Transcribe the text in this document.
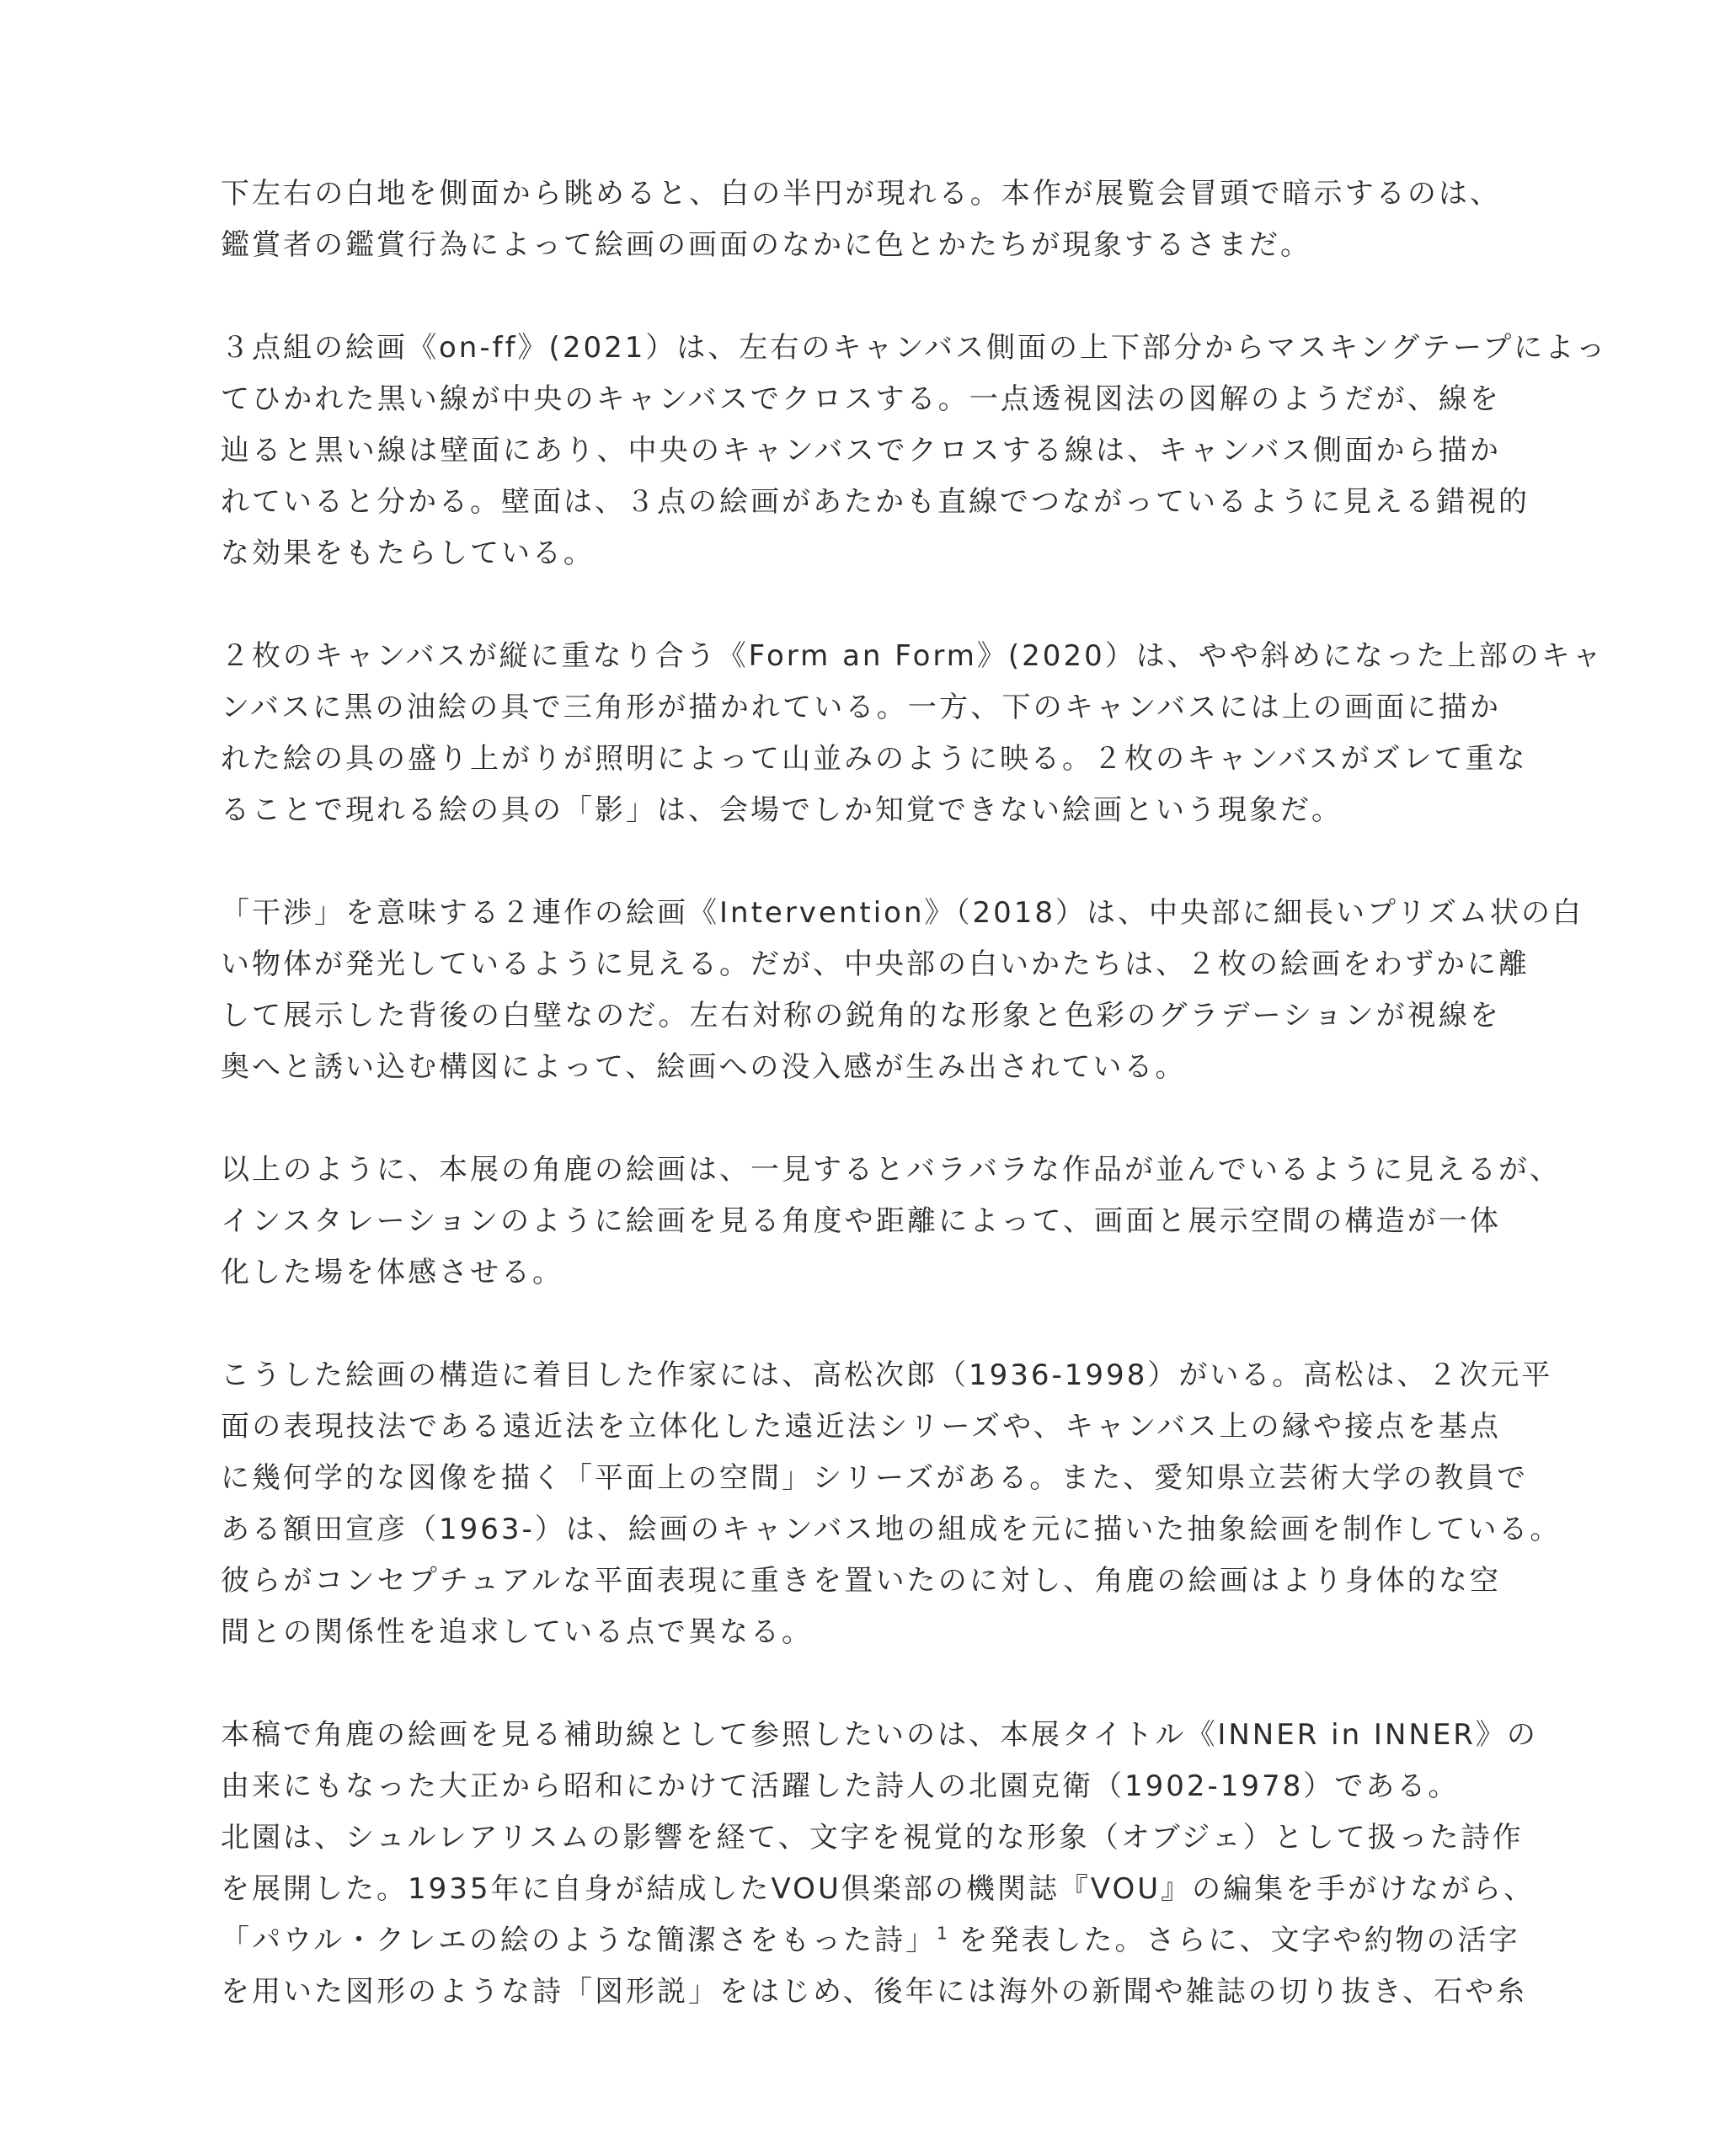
下左右の白地を側面から眺めると、白の半円が現れる。本作が展覧会冒頭で暗示するのは、
鑑賞者の鑑賞行為によって絵画の画面のなかに色とかたちが現象するさまだ。

３点組の絵画《on-ff》(2021）は、左右のキャンバス側面の上下部分からマスキングテープによっ
てひかれた黒い線が中央のキャンバスでクロスする。一点透視図法の図解のようだが、線を
辿ると黒い線は壁面にあり、中央のキャンバスでクロスする線は、キャンバス側面から描か
れていると分かる。壁面は、３点の絵画があたかも直線でつながっているように見える錯視的
な効果をもたらしている。

２枚のキャンバスが縦に重なり合う《Form an Form》(2020）は、やや斜めになった上部のキャ
ンバスに黒の油絵の具で三角形が描かれている。一方、下のキャンバスには上の画面に描か
れた絵の具の盛り上がりが照明によって山並みのように映る。２枚のキャンバスがズレて重な
ることで現れる絵の具の「影」は、会場でしか知覚できない絵画という現象だ。

「干渉」を意味する２連作の絵画《Intervention》（2018）は、中央部に細長いプリズム状の白
い物体が発光しているように見える。だが、中央部の白いかたちは、２枚の絵画をわずかに離
して展示した背後の白壁なのだ。左右対称の鋭角的な形象と色彩のグラデーションが視線を
奥へと誘い込む構図によって、絵画への没入感が生み出されている。

以上のように、本展の角鹿の絵画は、一見するとバラバラな作品が並んでいるように見えるが、
インスタレーションのように絵画を見る角度や距離によって、画面と展示空間の構造が一体
化した場を体感させる。

こうした絵画の構造に着目した作家には、高松次郎（1936-1998）がいる。高松は、２次元平
面の表現技法である遠近法を立体化した遠近法シリーズや、キャンバス上の縁や接点を基点
に幾何学的な図像を描く「平面上の空間」シリーズがある。また、愛知県立芸術大学の教員で
ある額田宣彦（1963-）は、絵画のキャンバス地の組成を元に描いた抽象絵画を制作している。
彼らがコンセプチュアルな平面表現に重きを置いたのに対し、角鹿の絵画はより身体的な空
間との関係性を追求している点で異なる。

本稿で角鹿の絵画を見る補助線として参照したいのは、本展タイトル《INNER in INNER》の
由来にもなった大正から昭和にかけて活躍した詩人の北園克衛（1902-1978）である。

北園は、シュルレアリスムの影響を経て、文字を視覚的な形象（オブジェ）として扱った詩作
を展開した。1935年に自身が結成したVOU倶楽部の機関誌『VOU』の編集を手がけながら、
「パウル・クレエの絵のような簡潔さをもった詩」$^1$ を発表した。さらに、文字や約物の活字
を用いた図形のような詩「図形説」をはじめ、後年には海外の新聞や雑誌の切り抜き、石や糸
